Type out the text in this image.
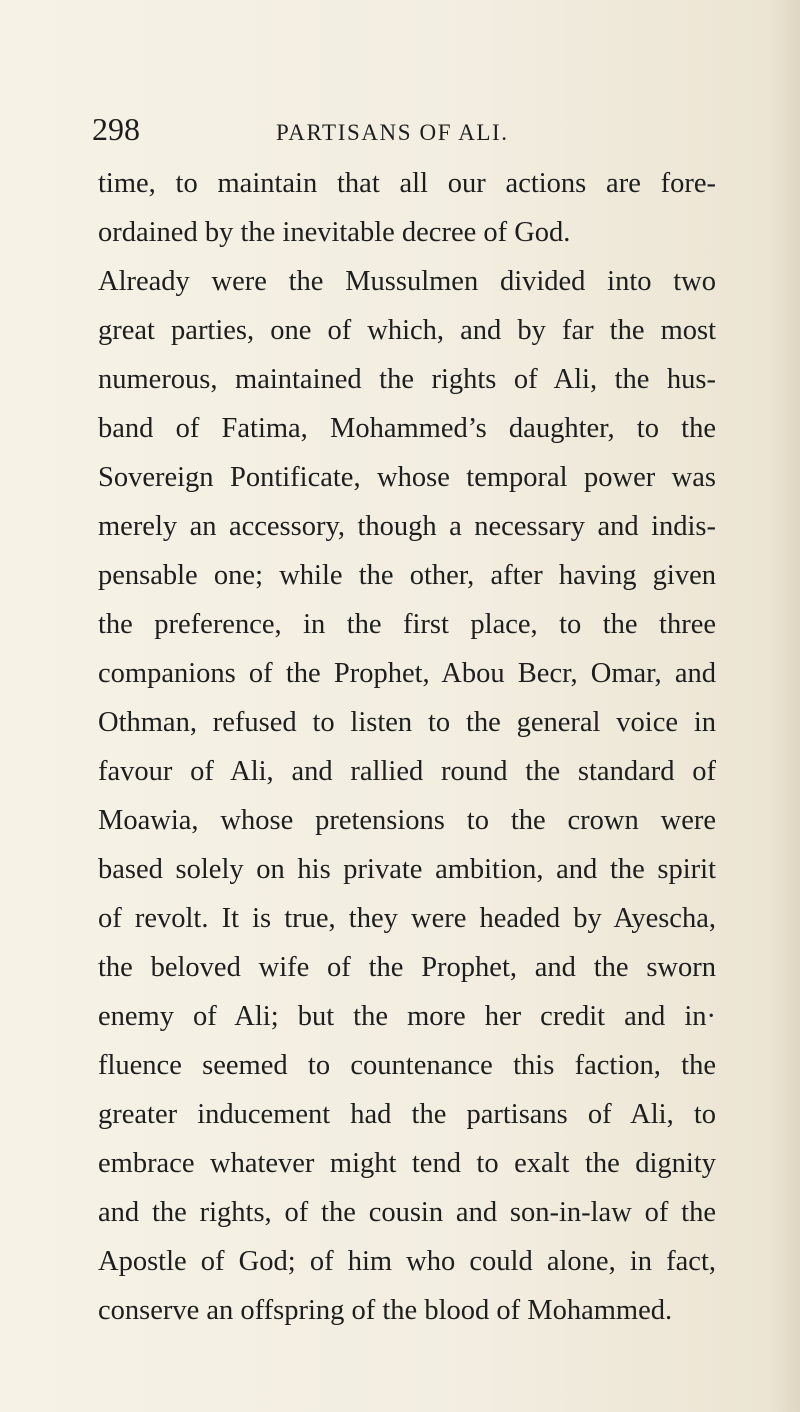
298	PARTISANS OF ALI.
time, to maintain that all our actions are fore-
ordained by the inevitable decree of God.
Already were the Mussulmen divided into two
great parties, one of which, and by far the most
numerous, maintained the rights of Ali, the hus-
band of Fatima, Mohammed’s daughter, to the
Sovereign Pontificate, whose temporal power was
merely an accessory, though a necessary and indis-
pensable one; while the other, after having given
the preference, in the first place, to the three
companions of the Prophet, Abou Becr, Omar, and
Othman, refused to listen to the general voice in
favour of Ali, and rallied round the standard of
Moawia, whose pretensions to the crown were
based solely on his private ambition, and the spirit
of revolt. It is true, they were headed by Ayescha,
the beloved wife of the Prophet, and the sworn
enemy of Ali; but the more her credit and in·
fluence seemed to countenance this faction, the
greater inducement had the partisans of Ali, to
embrace whatever might tend to exalt the dignity
and the rights, of the cousin and son-in-law of the
Apostle of God; of him who could alone, in fact,
conserve an offspring of the blood of Mohammed.
